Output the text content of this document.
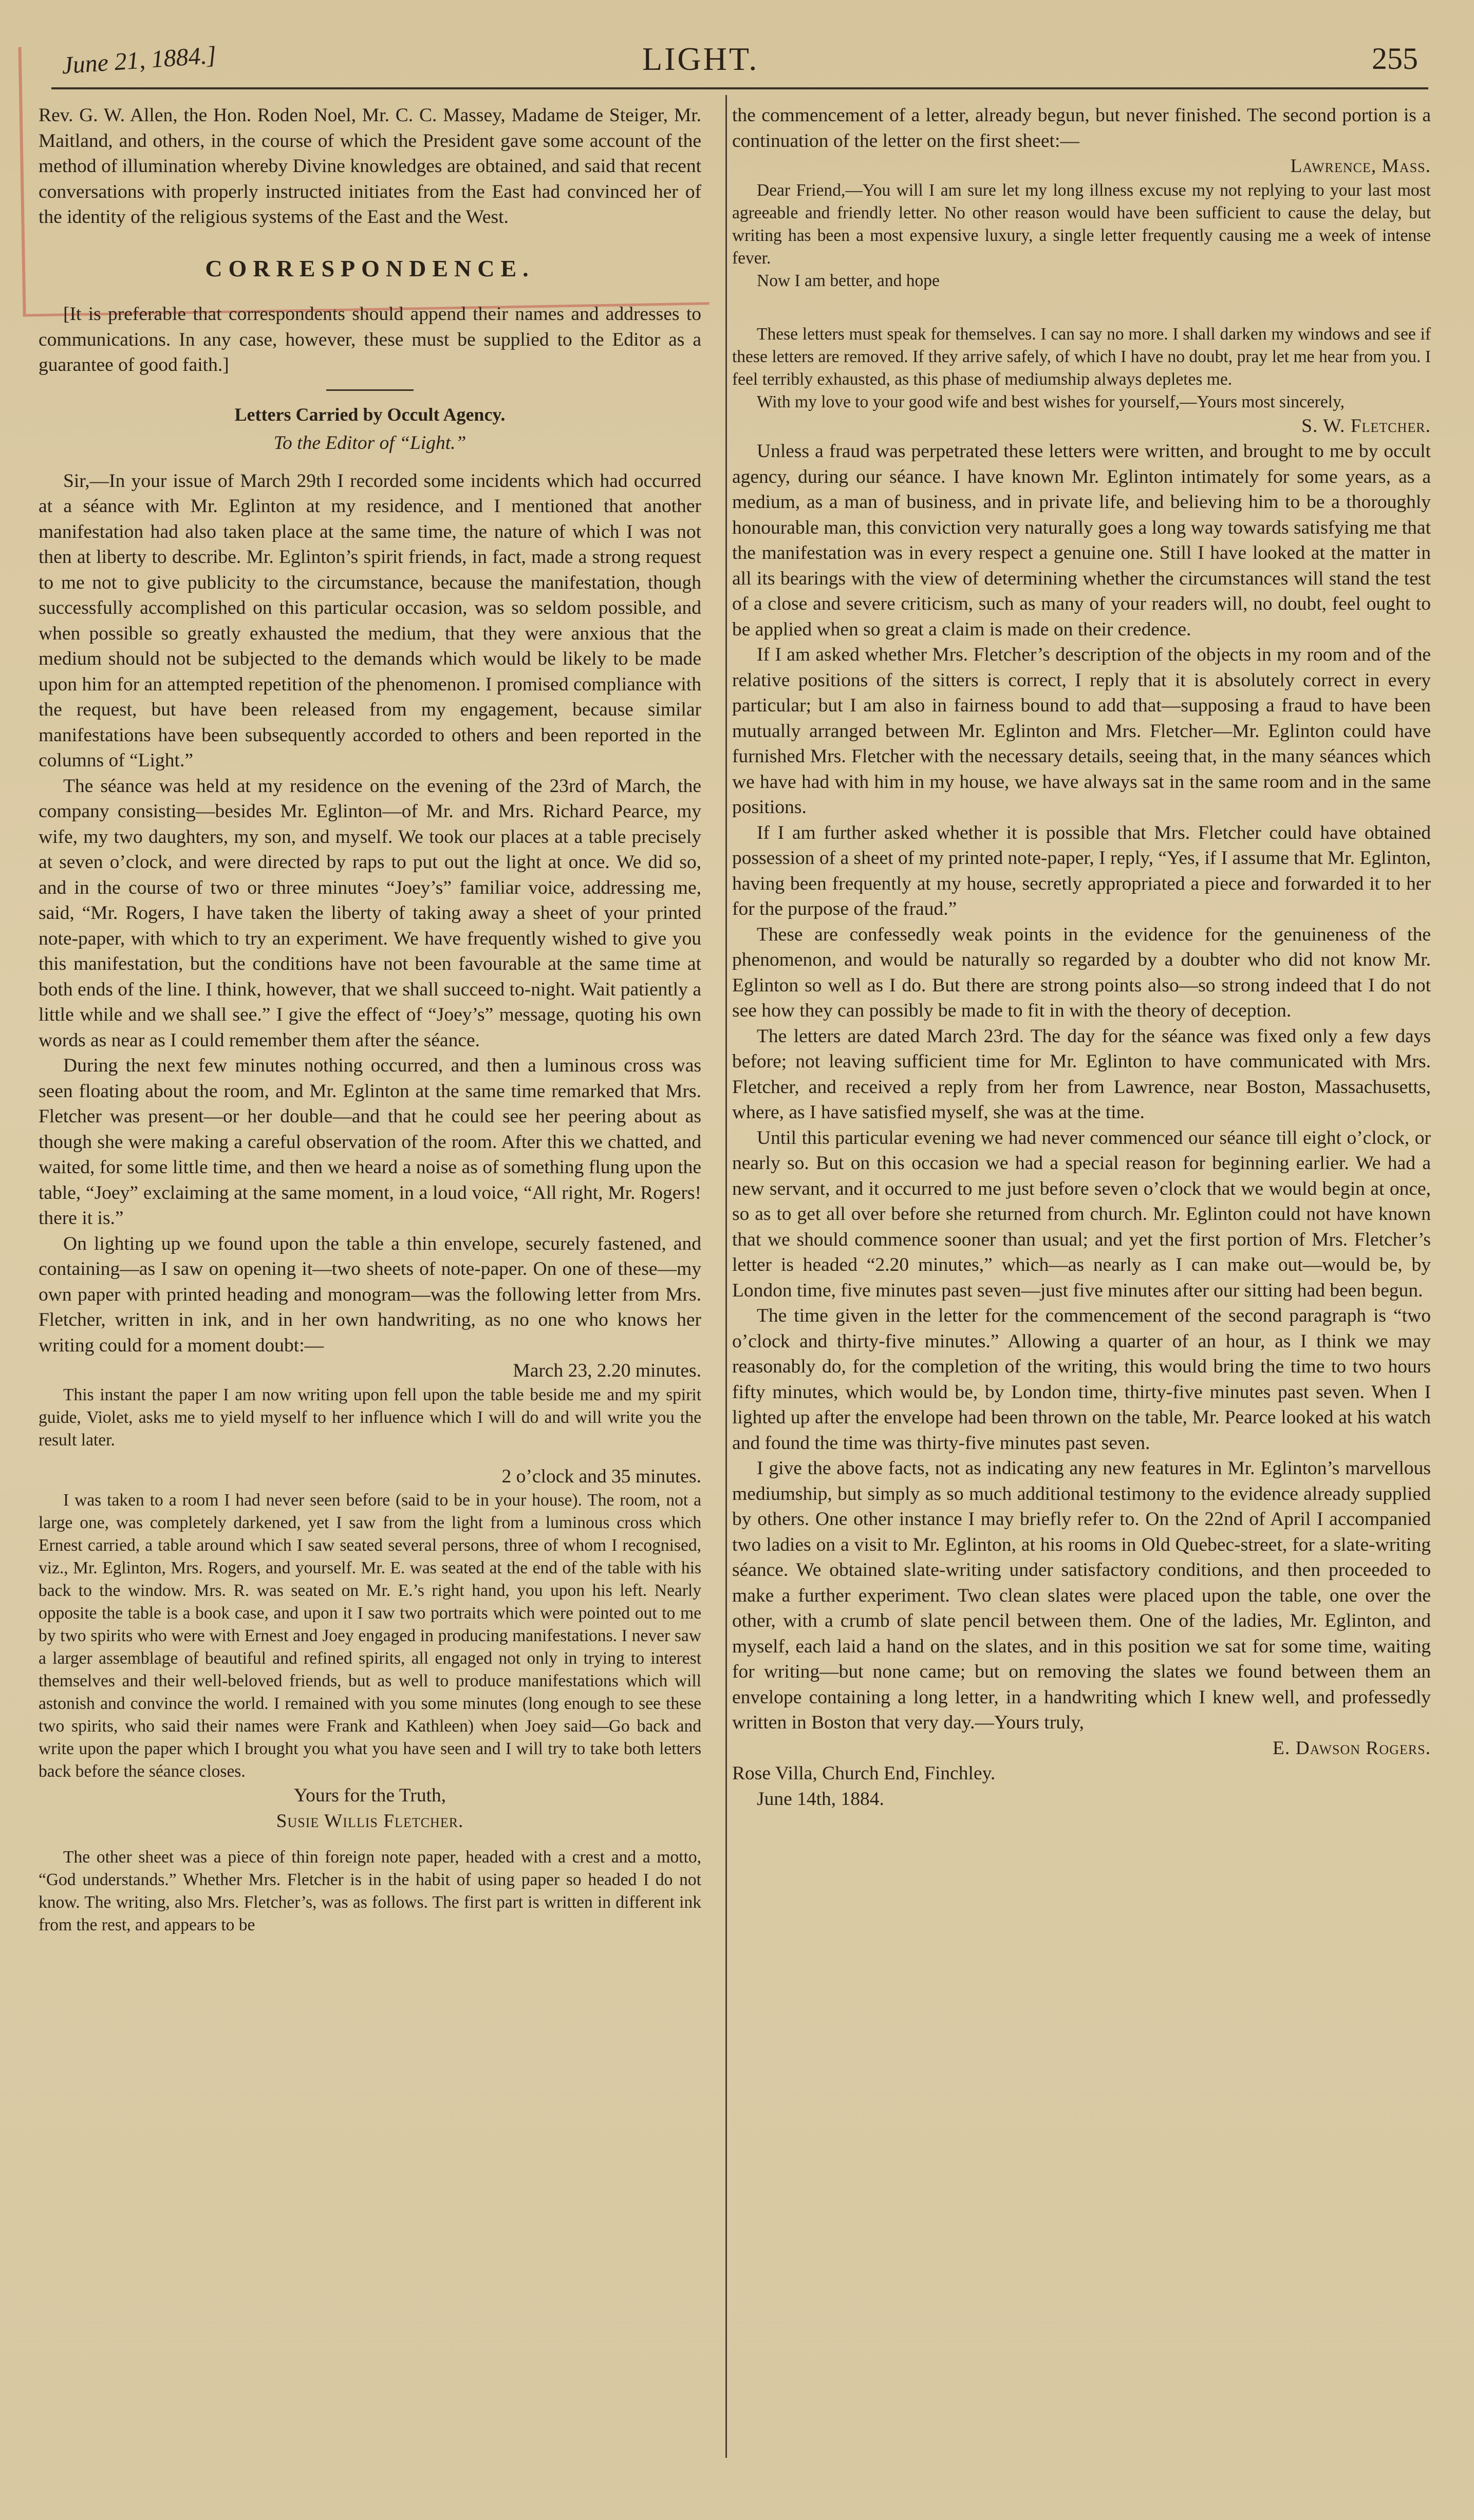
June 21, 1884.]	LIGHT.	255

Rev. G. W. Allen, the Hon. Roden Noel, Mr. C. C. Massey, Madame de Steiger, Mr. Maitland, and others, in the course of which the President gave some account of the method of illumination whereby Divine knowledges are obtained, and said that recent conversations with properly instructed initiates from the East had convinced her of the identity of the religious systems of the East and the West.

CORRESPONDENCE.

[It is preferable that correspondents should append their names and addresses to communications. In any case, however, these must be supplied to the Editor as a guarantee of good faith.]

Letters Carried by Occult Agency.

To the Editor of “Light.”

Sir,—In your issue of March 29th I recorded some incidents which had occurred at a séance with Mr. Eglinton at my residence, and I mentioned that another manifestation had also taken place at the same time, the nature of which I was not then at liberty to describe. Mr. Eglinton’s spirit friends, in fact, made a strong request to me not to give publicity to the circumstance, because the manifestation, though successfully accomplished on this particular occasion, was so seldom possible, and when possible so greatly exhausted the medium, that they were anxious that the medium should not be subjected to the demands which would be likely to be made upon him for an attempted repetition of the phenomenon. I promised compliance with the request, but have been released from my engagement, because similar manifestations have been subsequently accorded to others and been reported in the columns of “Light.”

The séance was held at my residence on the evening of the 23rd of March, the company consisting—besides Mr. Eglinton—of Mr. and Mrs. Richard Pearce, my wife, my two daughters, my son, and myself. We took our places at a table precisely at seven o’clock, and were directed by raps to put out the light at once. We did so, and in the course of two or three minutes “Joey’s” familiar voice, addressing me, said, “Mr. Rogers, I have taken the liberty of taking away a sheet of your printed note-paper, with which to try an experiment. We have frequently wished to give you this manifestation, but the conditions have not been favourable at the same time at both ends of the line. I think, however, that we shall succeed to-night. Wait patiently a little while and we shall see.” I give the effect of “Joey’s” message, quoting his own words as near as I could remember them after the séance.

During the next few minutes nothing occurred, and then a luminous cross was seen floating about the room, and Mr. Eglinton at the same time remarked that Mrs. Fletcher was present—or her double—and that he could see her peering about as though she were making a careful observation of the room. After this we chatted, and waited, for some little time, and then we heard a noise as of something flung upon the table, “Joey” exclaiming at the same moment, in a loud voice, “All right, Mr. Rogers! there it is.”

On lighting up we found upon the table a thin envelope, securely fastened, and containing—as I saw on opening it—two sheets of note-paper. On one of these—my own paper with printed heading and monogram—was the following letter from Mrs. Fletcher, written in ink, and in her own handwriting, as no one who knows her writing could for a moment doubt:—

March 23, 2.20 minutes.

This instant the paper I am now writing upon fell upon the table beside me and my spirit guide, Violet, asks me to yield myself to her influence which I will do and will write you the result later.

2 o’clock and 35 minutes.

I was taken to a room I had never seen before (said to be in your house). The room, not a large one, was completely darkened, yet I saw from the light from a luminous cross which Ernest carried, a table around which I saw seated several persons, three of whom I recognised, viz., Mr. Eglinton, Mrs. Rogers, and yourself. Mr. E. was seated at the end of the table with his back to the window. Mrs. R. was seated on Mr. E.’s right hand, you upon his left. Nearly opposite the table is a book case, and upon it I saw two portraits which were pointed out to me by two spirits who were with Ernest and Joey engaged in producing manifestations. I never saw a larger assemblage of beautiful and refined spirits, all engaged not only in trying to interest themselves and their well-beloved friends, but as well to produce manifestations which will astonish and convince the world. I remained with you some minutes (long enough to see these two spirits, who said their names were Frank and Kathleen) when Joey said—Go back and write upon the paper which I brought you what you have seen and I will try to take both letters back before the séance closes.

Yours for the Truth,

Susie Willis Fletcher.

The other sheet was a piece of thin foreign note paper, headed with a crest and a motto, “God understands.” Whether Mrs. Fletcher is in the habit of using paper so headed I do not know. The writing, also Mrs. Fletcher’s, was as follows. The first part is written in different ink from the rest, and appears to be

the commencement of a letter, already begun, but never finished. The second portion is a continuation of the letter on the first sheet:—

Lawrence, Mass.

Dear Friend,—You will I am sure let my long illness excuse my not replying to your last most agreeable and friendly letter. No other reason would have been sufficient to cause the delay, but writing has been a most expensive luxury, a single letter frequently causing me a week of intense fever.

Now I am better, and hope

These letters must speak for themselves. I can say no more. I shall darken my windows and see if these letters are removed. If they arrive safely, of which I have no doubt, pray let me hear from you. I feel terribly exhausted, as this phase of mediumship always depletes me.

With my love to your good wife and best wishes for yourself,—Yours most sincerely,

S. W. Fletcher.

Unless a fraud was perpetrated these letters were written, and brought to me by occult agency, during our séance. I have known Mr. Eglinton intimately for some years, as a medium, as a man of business, and in private life, and believing him to be a thoroughly honourable man, this conviction very naturally goes a long way towards satisfying me that the manifestation was in every respect a genuine one. Still I have looked at the matter in all its bearings with the view of determining whether the circumstances will stand the test of a close and severe criticism, such as many of your readers will, no doubt, feel ought to be applied when so great a claim is made on their credence.

If I am asked whether Mrs. Fletcher’s description of the objects in my room and of the relative positions of the sitters is correct, I reply that it is absolutely correct in every particular; but I am also in fairness bound to add that—supposing a fraud to have been mutually arranged between Mr. Eglinton and Mrs. Fletcher—Mr. Eglinton could have furnished Mrs. Fletcher with the necessary details, seeing that, in the many séances which we have had with him in my house, we have always sat in the same room and in the same positions.

If I am further asked whether it is possible that Mrs. Fletcher could have obtained possession of a sheet of my printed note-paper, I reply, “Yes, if I assume that Mr. Eglinton, having been frequently at my house, secretly appropriated a piece and forwarded it to her for the purpose of the fraud.”

These are confessedly weak points in the evidence for the genuineness of the phenomenon, and would be naturally so regarded by a doubter who did not know Mr. Eglinton so well as I do. But there are strong points also—so strong indeed that I do not see how they can possibly be made to fit in with the theory of deception.

The letters are dated March 23rd. The day for the séance was fixed only a few days before; not leaving sufficient time for Mr. Eglinton to have communicated with Mrs. Fletcher, and received a reply from her from Lawrence, near Boston, Massachusetts, where, as I have satisfied myself, she was at the time.

Until this particular evening we had never commenced our séance till eight o’clock, or nearly so. But on this occasion we had a special reason for beginning earlier. We had a new servant, and it occurred to me just before seven o’clock that we would begin at once, so as to get all over before she returned from church. Mr. Eglinton could not have known that we should commence sooner than usual; and yet the first portion of Mrs. Fletcher’s letter is headed “2.20 minutes,” which—as nearly as I can make out—would be, by London time, five minutes past seven—just five minutes after our sitting had been begun.

The time given in the letter for the commencement of the second paragraph is “two o’clock and thirty-five minutes.” Allowing a quarter of an hour, as I think we may reasonably do, for the completion of the writing, this would bring the time to two hours fifty minutes, which would be, by London time, thirty-five minutes past seven. When I lighted up after the envelope had been thrown on the table, Mr. Pearce looked at his watch and found the time was thirty-five minutes past seven.

I give the above facts, not as indicating any new features in Mr. Eglinton’s marvellous mediumship, but simply as so much additional testimony to the evidence already supplied by others. One other instance I may briefly refer to. On the 22nd of April I accompanied two ladies on a visit to Mr. Eglinton, at his rooms in Old Quebec-street, for a slate-writing séance. We obtained slate-writing under satisfactory conditions, and then proceeded to make a further experiment. Two clean slates were placed upon the table, one over the other, with a crumb of slate pencil between them. One of the ladies, Mr. Eglinton, and myself, each laid a hand on the slates, and in this position we sat for some time, waiting for writing—but none came; but on removing the slates we found between them an envelope containing a long letter, in a handwriting which I knew well, and professedly written in Boston that very day.—Yours truly,

E. Dawson Rogers.

Rose Villa, Church End, Finchley.

June 14th, 1884.
